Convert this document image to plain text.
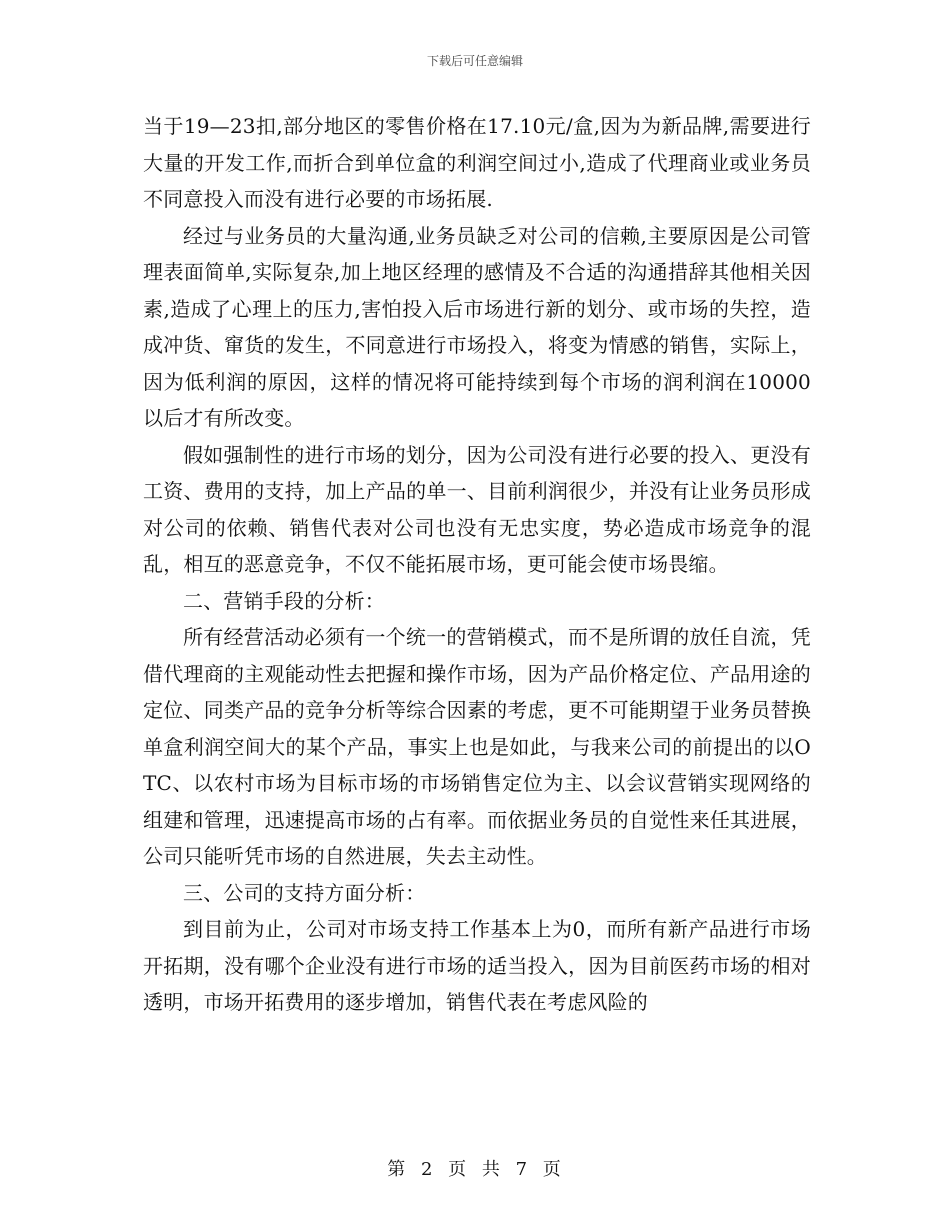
下载后可任意编辑

当于19—23扣,部分地区的零售价格在17.10元/盒,因为为新品牌,需要进行大量的开发工作,而折合到单位盒的利润空间过小,造成了代理商业或业务员不同意投入而没有进行必要的市场拓展.

经过与业务员的大量沟通,业务员缺乏对公司的信赖,主要原因是公司管理表面简单,实际复杂,加上地区经理的感情及不合适的沟通措辞其他相关因素,造成了心理上的压力,害怕投入后市场进行新的划分、或市场的失控，造成冲货、窜货的发生，不同意进行市场投入，将变为情感的销售，实际上，因为低利润的原因，这样的情况将可能持续到每个市场的润利润在10000以后才有所改变。

假如强制性的进行市场的划分，因为公司没有进行必要的投入、更没有工资、费用的支持，加上产品的单一、目前利润很少，并没有让业务员形成对公司的依赖、销售代表对公司也没有无忠实度，势必造成市场竞争的混乱，相互的恶意竞争，不仅不能拓展市场，更可能会使市场畏缩。

二、营销手段的分析：

所有经营活动必须有一个统一的营销模式，而不是所谓的放任自流，凭借代理商的主观能动性去把握和操作市场，因为产品价格定位、产品用途的定位、同类产品的竞争分析等综合因素的考虑，更不可能期望于业务员替换单盒利润空间大的某个产品，事实上也是如此，与我来公司的前提出的以OTC、以农村市场为目标市场的市场销售定位为主、以会议营销实现网络的组建和管理，迅速提高市场的占有率。而依据业务员的自觉性来任其进展，公司只能听凭市场的自然进展，失去主动性。

三、公司的支持方面分析：

到目前为止，公司对市场支持工作基本上为0，而所有新产品进行市场开拓期，没有哪个企业没有进行市场的适当投入，因为目前医药市场的相对透明，市场开拓费用的逐步增加，销售代表在考虑风险的

第 2 页 共 7 页
